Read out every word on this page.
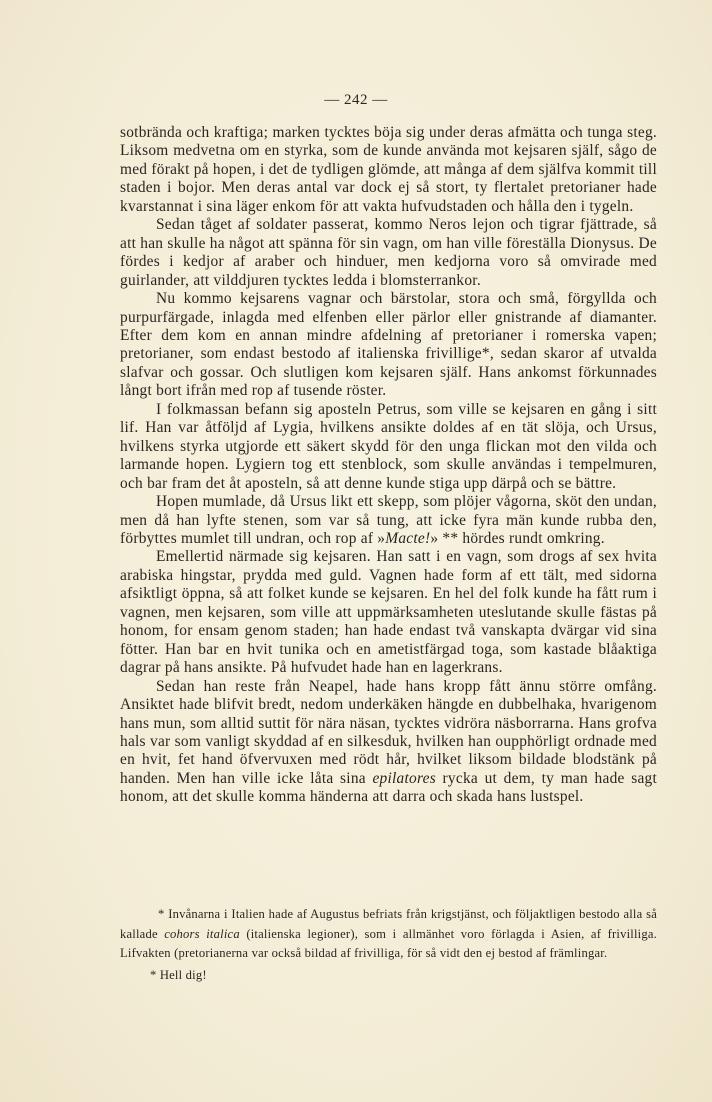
— 242 —

sotbrända och kraftiga; marken tycktes böja sig under deras afmätta och tunga steg. Liksom medvetna om en styrka, som de kunde använda mot kejsaren själf, sågo de med förakt på hopen, i det de tydligen glömde, att många af dem själfva kommit till staden i bojor. Men deras antal var dock ej så stort, ty flertalet pretorianer hade kvarstannat i sina läger enkom för att vakta hufvudstaden och hålla den i tygeln.

Sedan tåget af soldater passerat, kommo Neros lejon och tigrar fjättrade, så att han skulle ha något att spänna för sin vagn, om han ville föreställa Dionysus. De fördes i kedjor af araber och hinduer, men kedjorna voro så omvirade med guirlander, att vilddjuren tycktes ledda i blomsterrankor.

Nu kommo kejsarens vagnar och bärstolar, stora och små, förgyllda och purpurfärgade, inlagda med elfenben eller pärlor eller gnistrande af diamanter. Efter dem kom en annan mindre afdelning af pretorianer i romerska vapen; pretorianer, som endast bestodo af italienska frivillige*, sedan skaror af utvalda slafvar och gossar. Och slutligen kom kejsaren själf. Hans ankomst förkunnades långt bort ifrån med rop af tusende röster.

I folkmassan befann sig aposteln Petrus, som ville se kejsaren en gång i sitt lif. Han var åtföljd af Lygia, hvilkens ansikte doldes af en tät slöja, och Ursus, hvilkens styrka utgjorde ett säkert skydd för den unga flickan mot den vilda och larmande hopen. Lygiern tog ett stenblock, som skulle användas i tempelmuren, och bar fram det åt aposteln, så att denne kunde stiga upp därpå och se bättre.

Hopen mumlade, då Ursus likt ett skepp, som plöjer vågorna, sköt den undan, men då han lyfte stenen, som var så tung, att icke fyra män kunde rubba den, förbyttes mumlet till undran, och rop af »Macte!» ** hördes rundt omkring.

Emellertid närmade sig kejsaren. Han satt i en vagn, som drogs af sex hvita arabiska hingstar, prydda med guld. Vagnen hade form af ett tält, med sidorna afsiktligt öppna, så att folket kunde se kejsaren. En hel del folk kunde ha fått rum i vagnen, men kejsaren, som ville att uppmärksamheten uteslutande skulle fästas på honom, for ensam genom staden; han hade endast två vanskapta dvärgar vid sina fötter. Han bar en hvit tunika och en ametistfärgad toga, som kastade blåaktiga dagrar på hans ansikte. På hufvudet hade han en lagerkrans.

Sedan han reste från Neapel, hade hans kropp fått ännu större omfång. Ansiktet hade blifvit bredt, nedom underkäken hängde en dubbelhaka, hvarigenom hans mun, som alltid suttit för nära näsan, tycktes vidröra näsborrarna. Hans grofva hals var som vanligt skyddad af en silkesduk, hvilken han oupphörligt ordnade med en hvit, fet hand öfvervuxen med rödt hår, hvilket liksom bildade blodstänk på handen. Men han ville icke låta sina epilatores rycka ut dem, ty man hade sagt honom, att det skulle komma händerna att darra och skada hans lustspel.

* Invånarna i Italien hade af Augustus befriats från krigstjänst, och följaktligen bestodo alla så kallade cohors italica (italienska legioner), som i allmänhet voro förlagda i Asien, af frivilliga. Lifvakten (pretorianerna var också bildad af frivilliga, för så vidt den ej bestod af främlingar.

* Hell dig!
